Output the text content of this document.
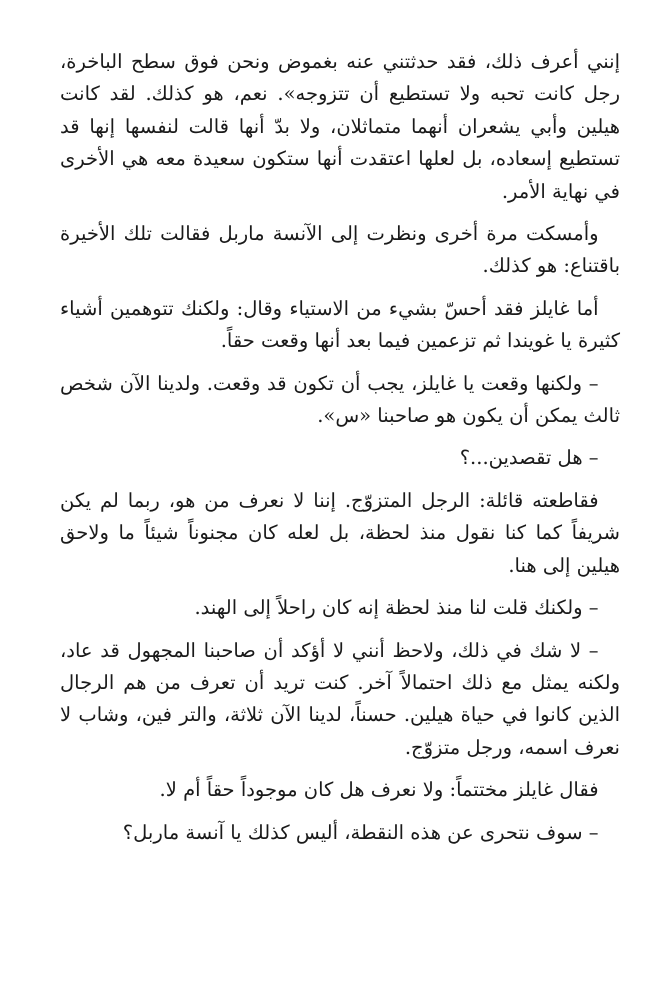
إنني أعرف ذلك، فقد حدثتني عنه بغموض ونحن فوق سطح الباخرة، رجل كانت تحبه ولا تستطيع أن تتزوجه». نعم، هو كذلك. لقد كانت هيلين وأبي يشعران أنهما متماثلان، ولا بدّ أنها قالت لنفسها إنها قد تستطيع إسعاده، بل لعلها اعتقدت أنها ستكون سعيدة معه هي الأخرى في نهاية الأمر.

وأمسكت مرة أخرى ونظرت إلى الآنسة ماربل فقالت تلك الأخيرة باقتناع: هو كذلك.

أما غايلز فقد أحسّ بشيء من الاستياء وقال: ولكنك تتوهمين أشياء كثيرة يا غويندا ثم تزعمين فيما بعد أنها وقعت حقاً.

– ولكنها وقعت يا غايلز، يجب أن تكون قد وقعت. ولدينا الآن شخص ثالث يمكن أن يكون هو صاحبنا «س».

– هل تقصدين...؟

فقاطعته قائلة: الرجل المتزوّج. إننا لا نعرف من هو، ربما لم يكن شريفاً كما كنا نقول منذ لحظة، بل لعله كان مجنوناً شيئاً ما ولاحق هيلين إلى هنا.

– ولكنك قلت لنا منذ لحظة إنه كان راحلاً إلى الهند.

– لا شك في ذلك، ولاحظ أنني لا أؤكد أن صاحبنا المجهول قد عاد، ولكنه يمثل مع ذلك احتمالاً آخر. كنت تريد أن تعرف من هم الرجال الذين كانوا في حياة هيلين. حسناً، لدينا الآن ثلاثة، والتر فين، وشاب لا نعرف اسمه، ورجل متزوّج.

فقال غايلز مختتماً: ولا نعرف هل كان موجوداً حقاً أم لا.

– سوف نتحرى عن هذه النقطة، أليس كذلك يا آنسة ماربل؟
